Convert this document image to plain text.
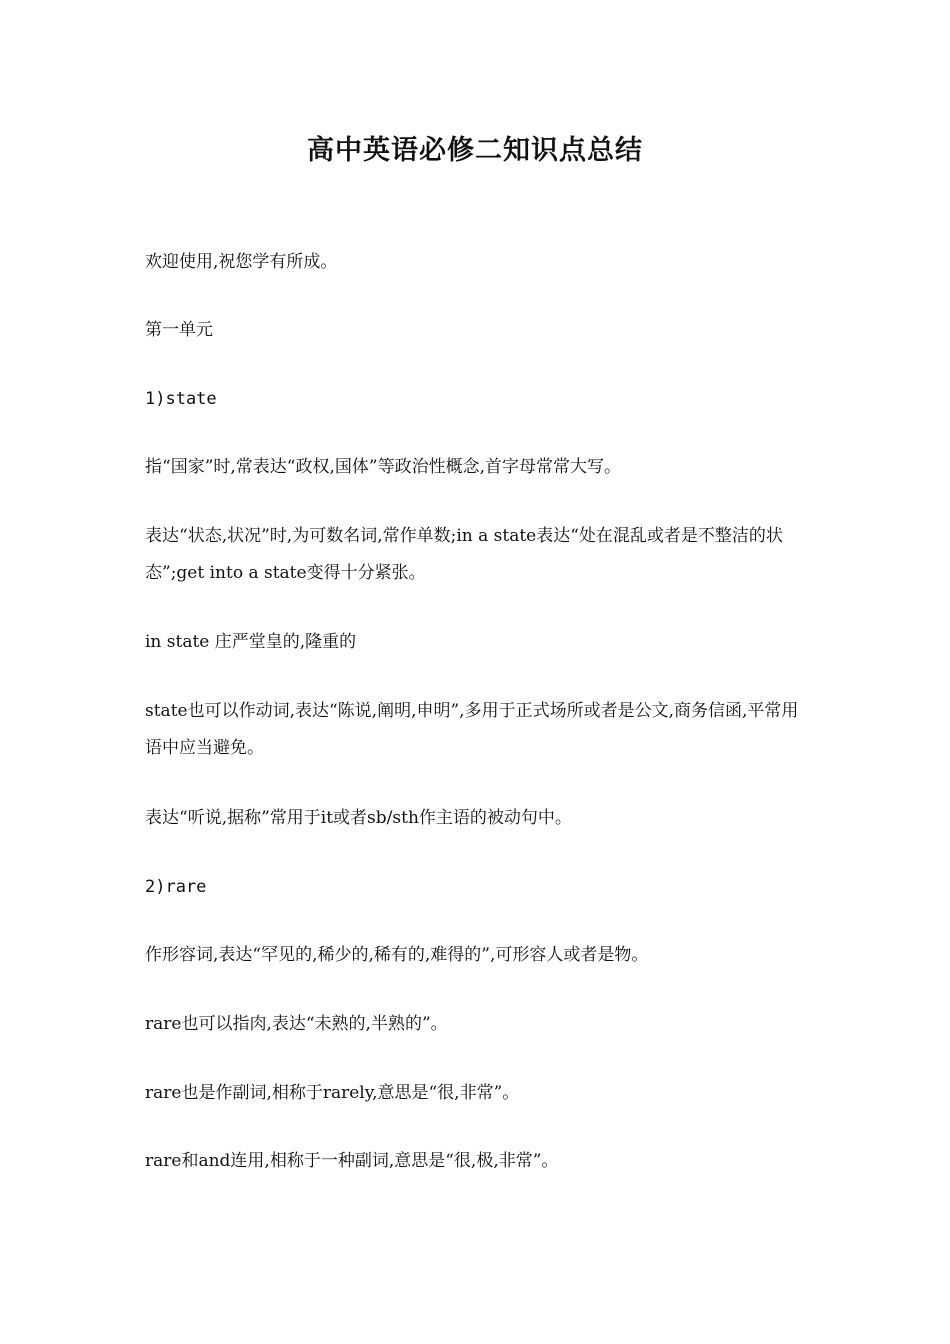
高中英语必修二知识点总结
欢迎使用,祝您学有所成。
第一单元
1)state
指“国家”时,常表达“政权,国体”等政治性概念,首字母常常大写。
表达“状态,状况”时,为可数名词,常作单数;in a state表达“处在混乱或者是不整洁的状态”;get into a state变得十分紧张。
in state 庄严堂皇的,隆重的
state也可以作动词,表达“陈说,阐明,申明”,多用于正式场所或者是公文,商务信函,平常用语中应当避免。
表达“听说,据称”常用于it或者sb/sth作主语的被动句中。
2)rare
作形容词,表达“罕见的,稀少的,稀有的,难得的”,可形容人或者是物。
rare也可以指肉,表达“未熟的,半熟的”。
rare也是作副词,相称于rarely,意思是“很,非常”。
rare和and连用,相称于一种副词,意思是“很,极,非常”。
